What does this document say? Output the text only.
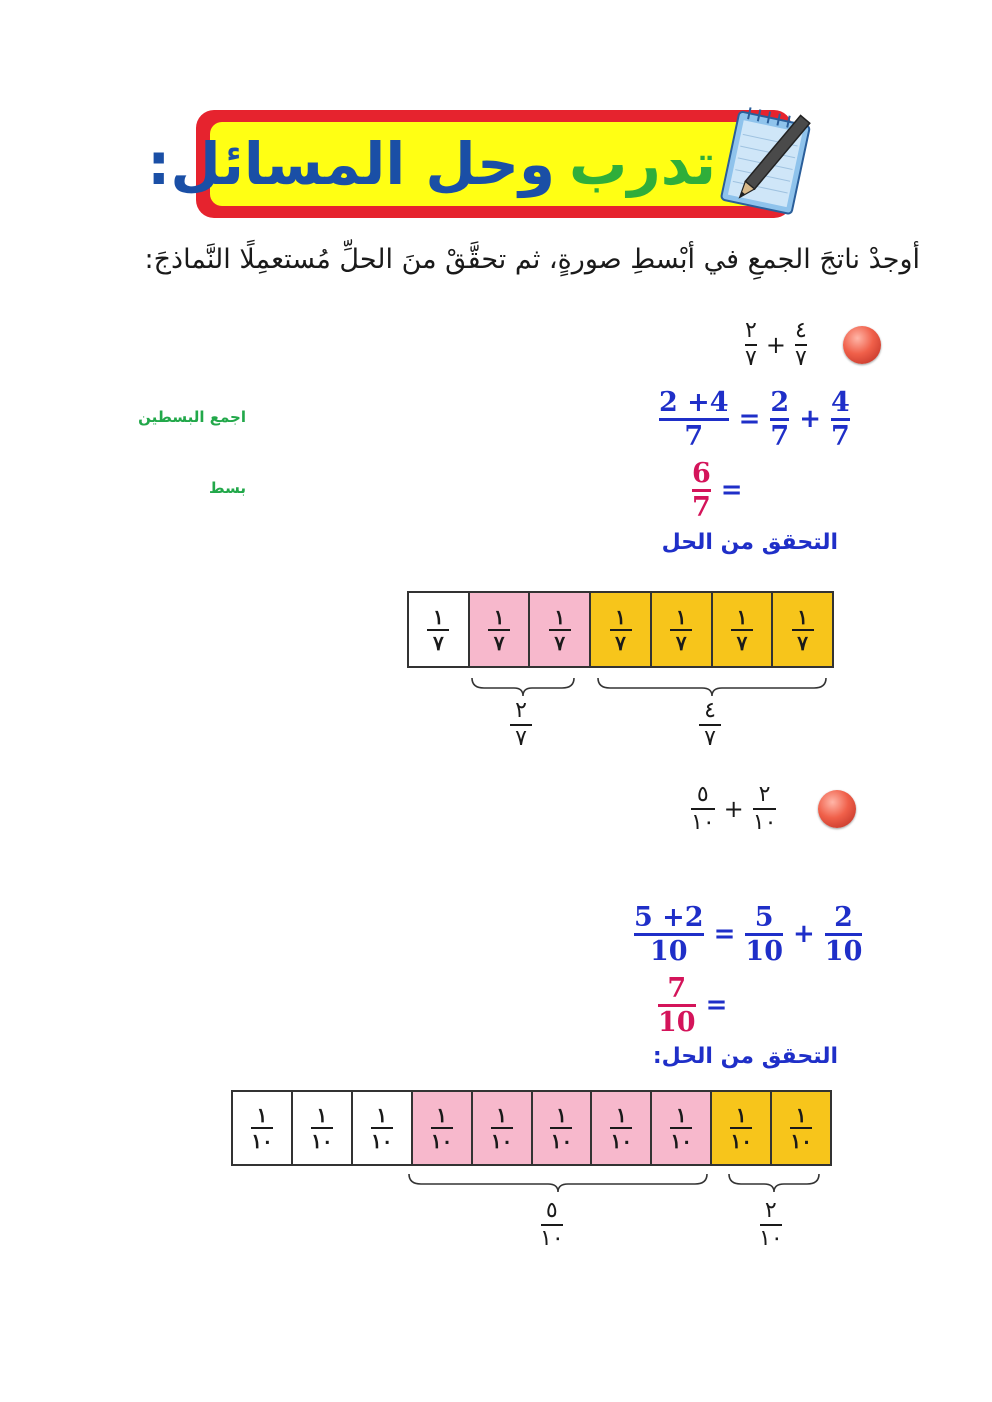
تدرب
وحل المسائل:
أوجدْ ناتجَ الجمعِ في أبْسطِ صورةٍ، ثم تحقَّقْ منَ الحلِّ مُستعمِلًا النَّماذجَ:
$\frac{٢}{٧} + \frac{٤}{٧}$
$\frac{2 +4}{7} = \frac{2}{7} + \frac{4}{7}$
$\frac{6}{7}$ =
اجمع البسطين
بسط
التحقق من الحل
$\frac{١}{٧} \frac{١}{٧} \frac{١}{٧} \frac{١}{٧} \frac{١}{٧} \frac{١}{٧} \frac{١}{٧}$
$\frac{٢}{٧}$	$\frac{٤}{٧}$
$\frac{٥}{١٠} + \frac{٢}{١٠}$
$\frac{5 +2}{10} = \frac{5}{10} + \frac{2}{10}$
$\frac{7}{10}$ =
التحقق من الحل:
$\frac{١}{١٠} \frac{١}{١٠} \frac{١}{١٠} \frac{١}{١٠} \frac{١}{١٠} \frac{١}{١٠} \frac{١}{١٠} \frac{١}{١٠} \frac{١}{١٠} \frac{١}{١٠}$
$\frac{٥}{١٠}$	$\frac{٢}{١٠}$
